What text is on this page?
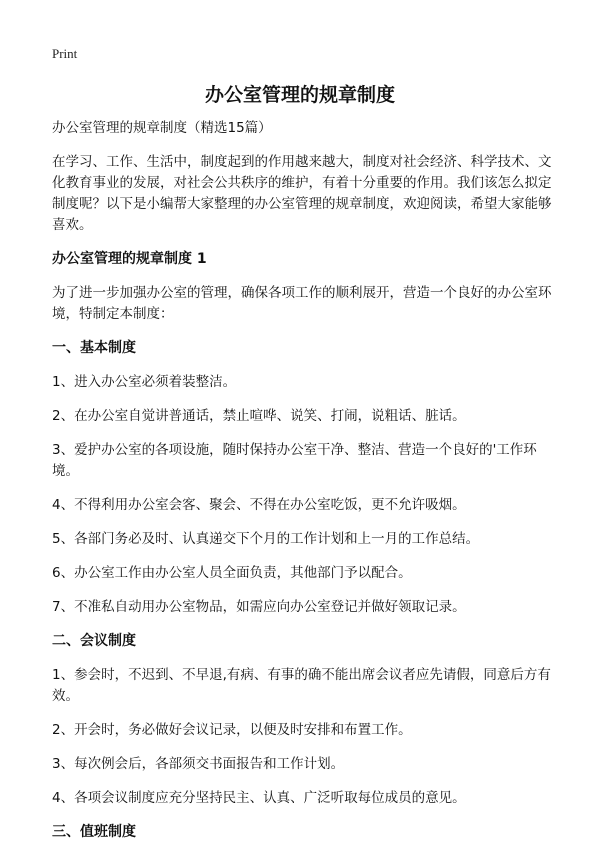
Print
办公室管理的规章制度

办公室管理的规章制度（精选15篇）

在学习、工作、生活中，制度起到的作用越来越大，制度对社会经济、科学技术、文化教育事业的发展，对社会公共秩序的维护，有着十分重要的作用。我们该怎么拟定制度呢？以下是小编帮大家整理的办公室管理的规章制度，欢迎阅读，希望大家能够喜欢。

办公室管理的规章制度 1

为了进一步加强办公室的管理，确保各项工作的顺利展开，营造一个良好的办公室环境，特制定本制度：

一、基本制度

1、进入办公室必须着装整洁。

2、在办公室自觉讲普通话，禁止喧哗、说笑、打闹，说粗话、脏话。

3、爱护办公室的各项设施，随时保持办公室干净、整洁、营造一个良好的'工作环境。

4、不得利用办公室会客、聚会、不得在办公室吃饭，更不允许吸烟。

5、各部门务必及时、认真递交下个月的工作计划和上一月的工作总结。

6、办公室工作由办公室人员全面负责，其他部门予以配合。

7、不准私自动用办公室物品，如需应向办公室登记并做好领取记录。

二、会议制度

1、参会时，不迟到、不早退,有病、有事的确不能出席会议者应先请假，同意后方有效。

2、开会时，务必做好会议记录，以便及时安排和布置工作。

3、每次例会后，各部须交书面报告和工作计划。

4、各项会议制度应充分坚持民主、认真、广泛听取每位成员的意见。

三、值班制度
